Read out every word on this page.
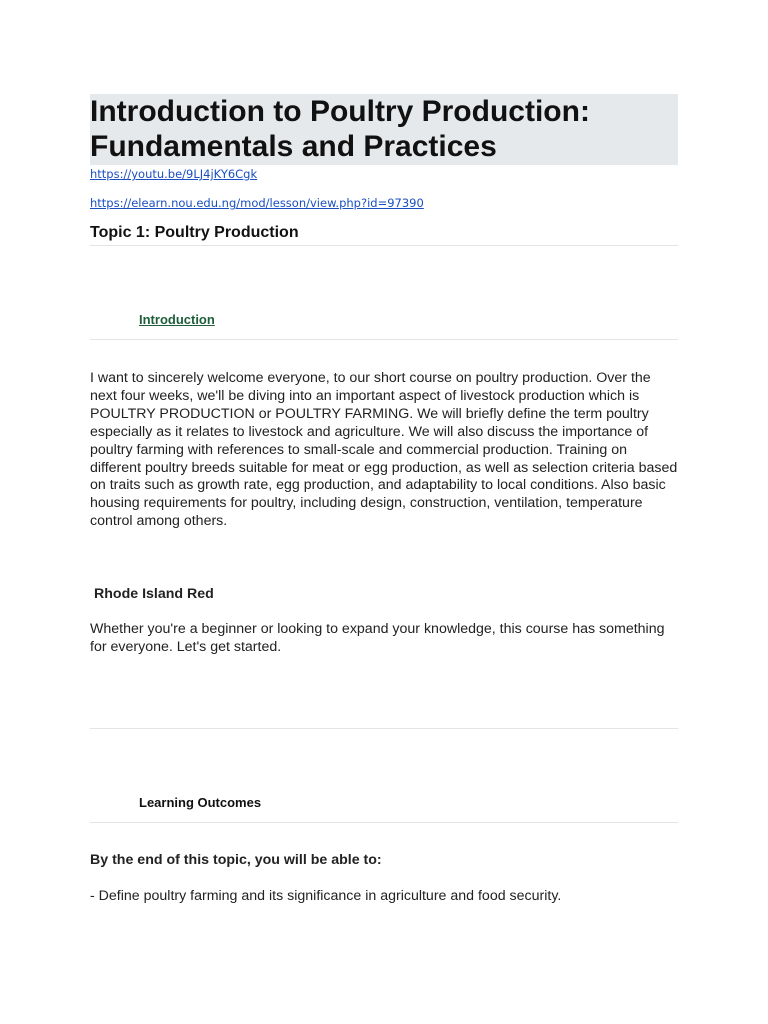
Introduction to Poultry Production: Fundamentals and Practices
https://youtu.be/9LJ4jKY6Cgk
https://elearn.nou.edu.ng/mod/lesson/view.php?id=97390
Topic 1: Poultry Production
Introduction

I want to sincerely welcome everyone, to our short course on poultry production. Over the next four weeks, we'll be diving into an important aspect of livestock production which is POULTRY PRODUCTION or POULTRY FARMING. We will briefly define the term poultry especially as it relates to livestock and agriculture. We will also discuss the importance of poultry farming with references to small-scale and commercial production. Training on different poultry breeds suitable for meat or egg production, as well as selection criteria based on traits such as growth rate, egg production, and adaptability to local conditions. Also basic housing requirements for poultry, including design, construction, ventilation, temperature control among others.

Rhode Island Red

Whether you're a beginner or looking to expand your knowledge, this course has something for everyone. Let's get started.

Learning Outcomes
By the end of this topic, you will be able to:
- Define poultry farming and its significance in agriculture and food security.
